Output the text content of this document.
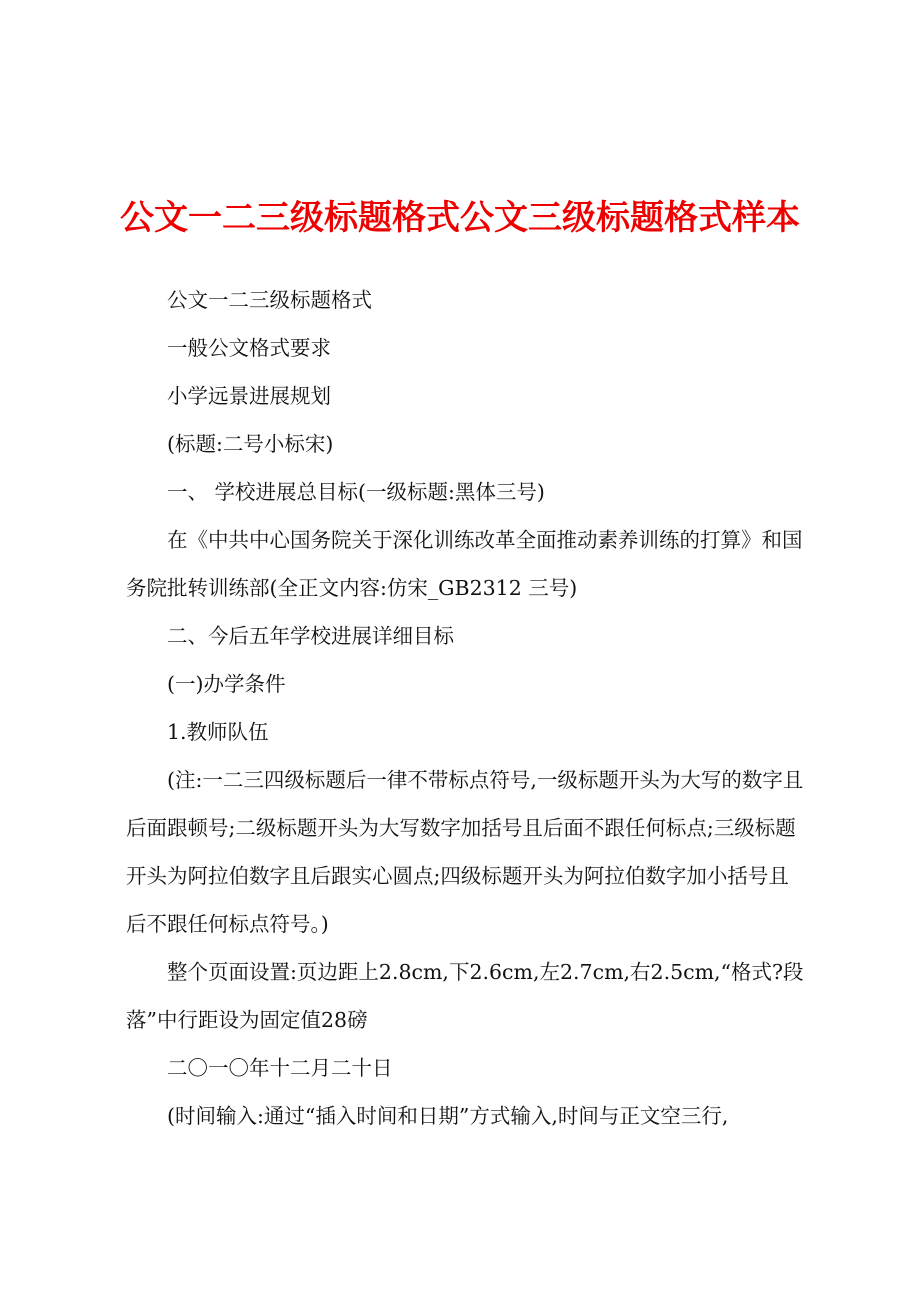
公文一二三级标题格式公文三级标题格式样本

公文一二三级标题格式

一般公文格式要求

小学远景进展规划

(标题:二号小标宋)

一、 学校进展总目标(一级标题:黑体三号)

在《中共中心国务院关于深化训练改革全面推动素养训练的打算》和国务院批转训练部(全正文内容:仿宋_GB2312 三号)

二、今后五年学校进展详细目标

(一)办学条件

1.教师队伍

(注:一二三四级标题后一律不带标点符号,一级标题开头为大写的数字且后面跟顿号;二级标题开头为大写数字加括号且后面不跟任何标点;三级标题开头为阿拉伯数字且后跟实心圆点;四级标题开头为阿拉伯数字加小括号且后不跟任何标点符号。)

整个页面设置:页边距上2.8cm,下2.6cm,左2.7cm,右2.5cm,“格式?段落”中行距设为固定值28磅

二〇一〇年十二月二十日

(时间输入:通过“插入时间和日期”方式输入,时间与正文空三行,
